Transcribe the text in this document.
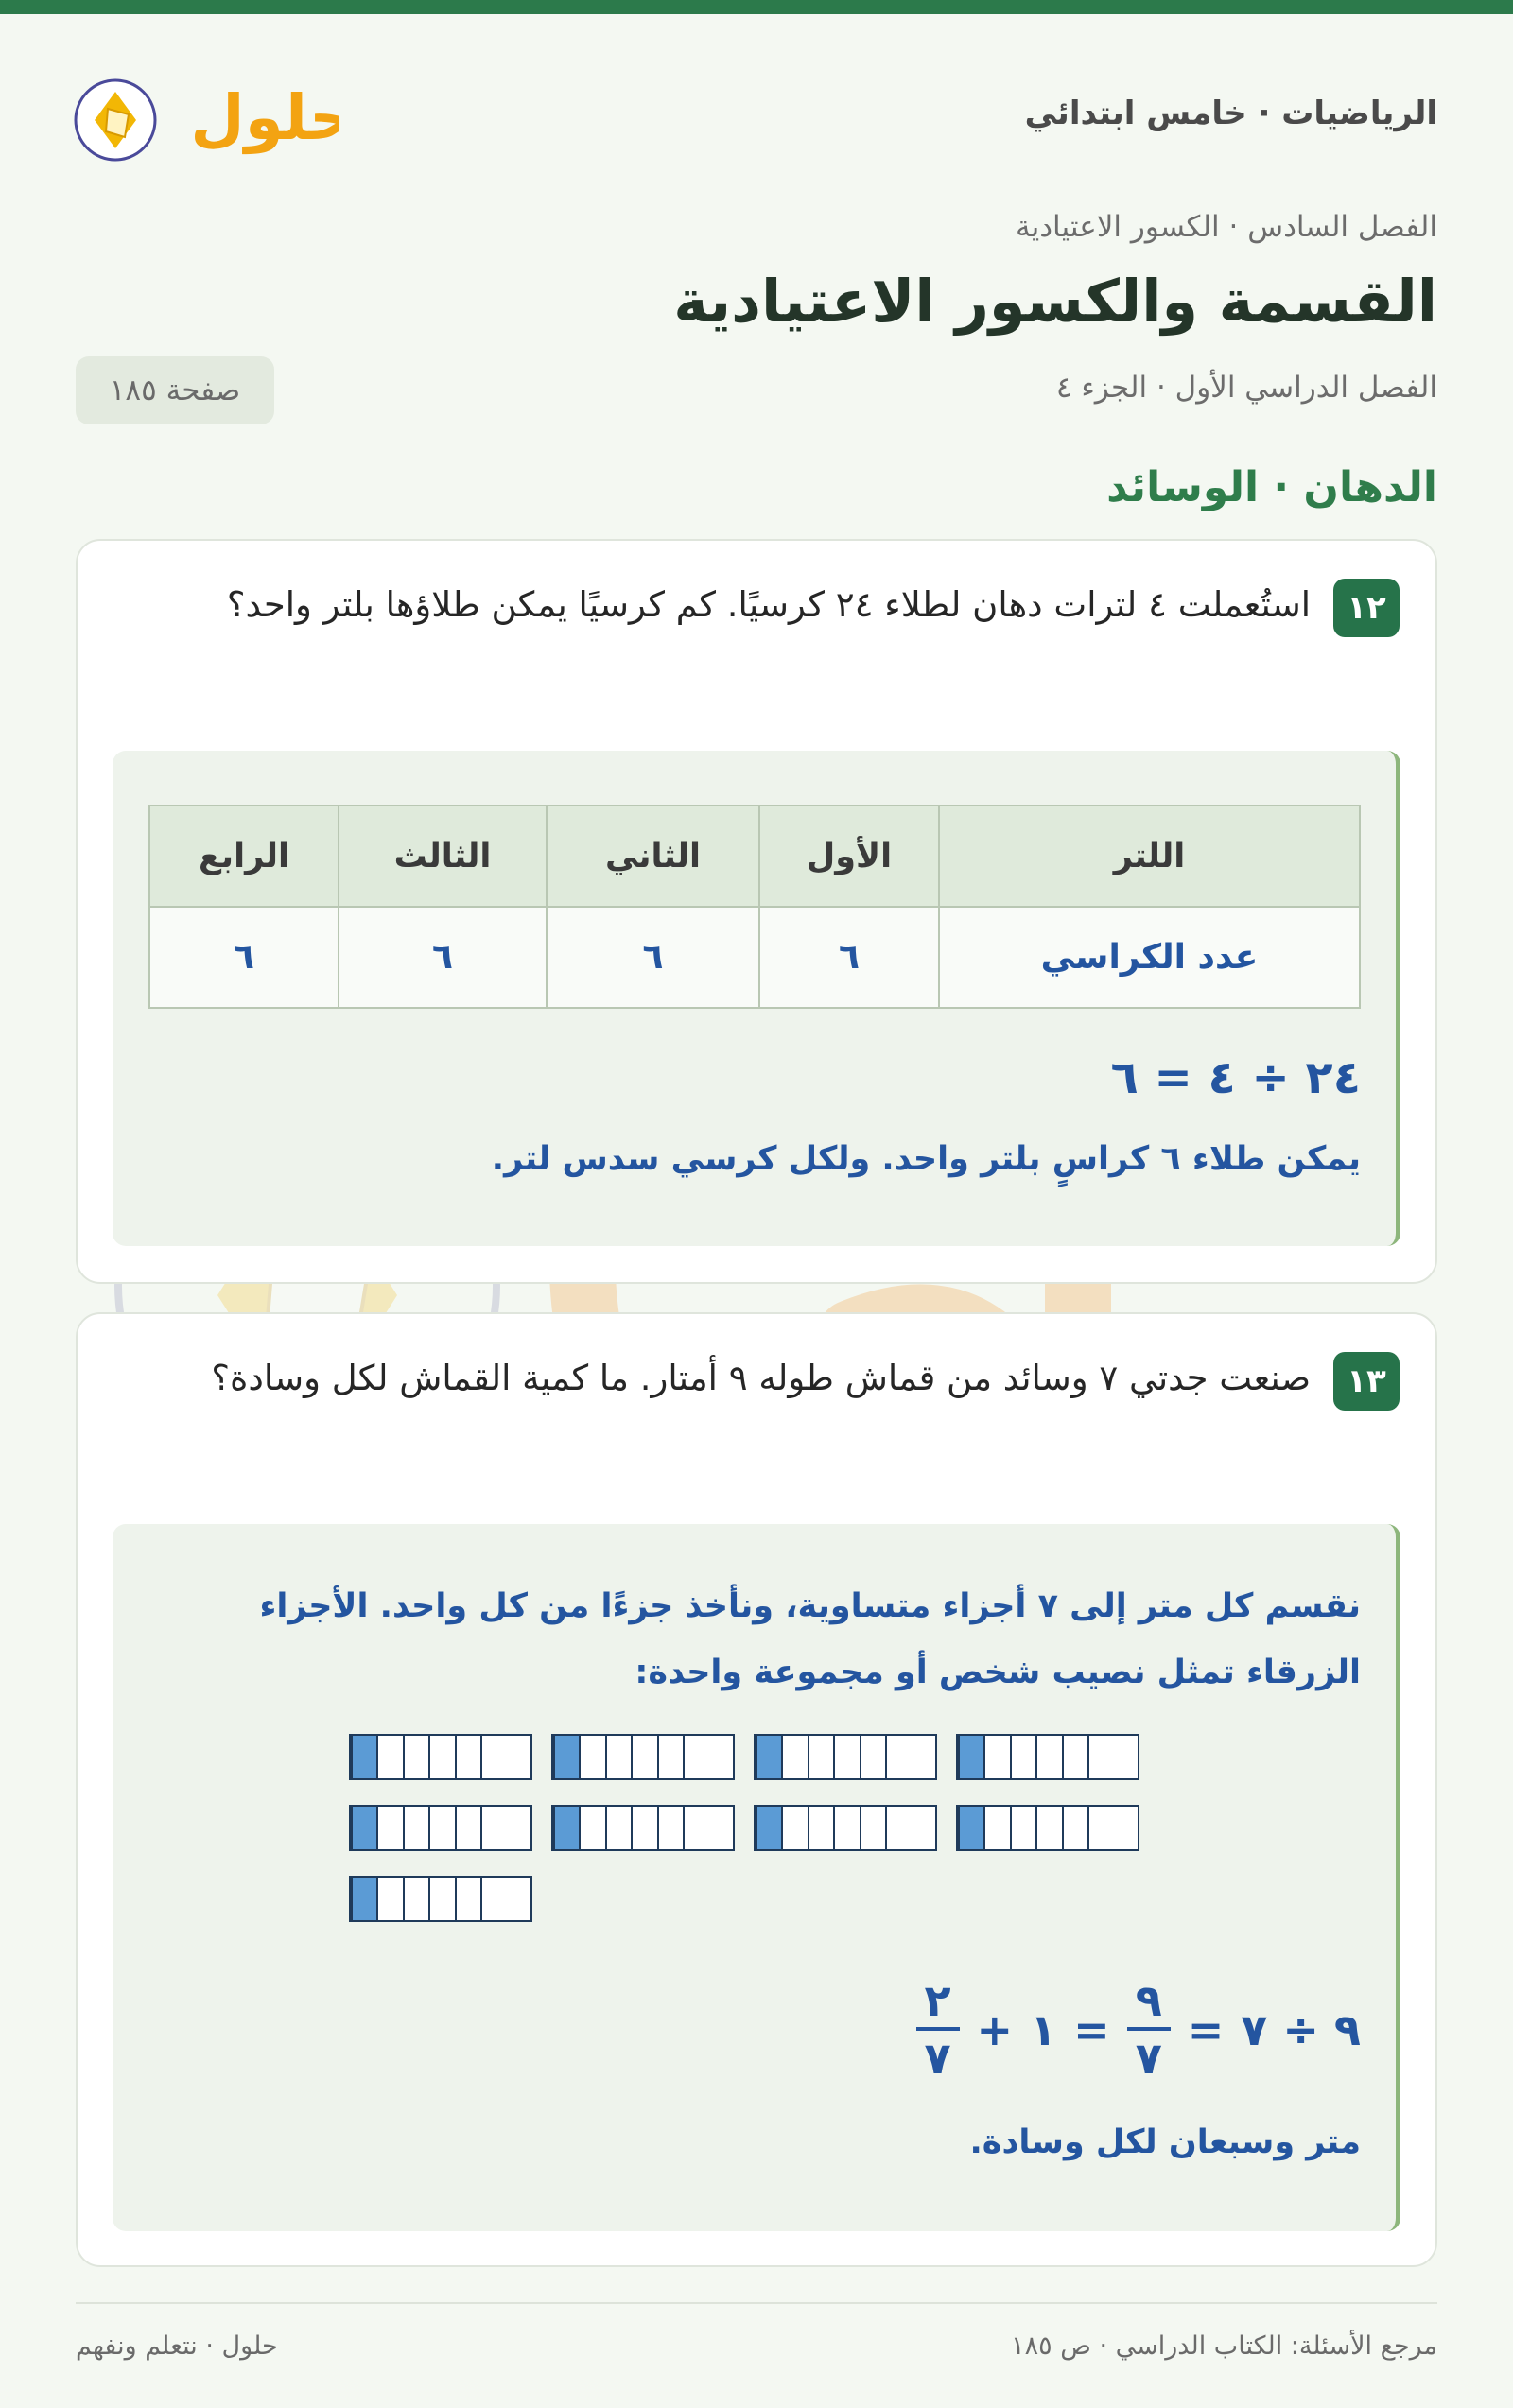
الرياضيات · خامس ابتدائي
حلول
الفصل السادس · الكسور الاعتيادية
القسمة والكسور الاعتيادية
الفصل الدراسي الأول · الجزء ٤
صفحة ١٨٥
الدهان · الوسائد
١٢
استُعملت ٤ لترات دهان لطلاء ٢٤ كرسيًا. كم كرسيًا يمكن طلاؤها بلتر واحد؟
اللتر	الأول	الثاني	الثالث	الرابع
عدد الكراسي	٦	٦	٦	٦
٢٤ ÷ ٤ = ٦
يمكن طلاء ٦ كراسٍ بلتر واحد. ولكل كرسي سدس لتر.
١٣
صنعت جدتي ٧ وسائد من قماش طوله ٩ أمتار. ما كمية القماش لكل وسادة؟
نقسم كل متر إلى ٧ أجزاء متساوية، ونأخذ جزءًا من كل واحد. الأجزاء الزرقاء تمثل نصيب شخص أو مجموعة واحدة:
٩ ÷ ٧
=
$\frac{٩}{٧}$
=
١
+
$\frac{٢}{٧}$
متر وسبعان لكل وسادة.
مرجع الأسئلة: الكتاب الدراسي · ص ١٨٥
حلول · نتعلم ونفهم
